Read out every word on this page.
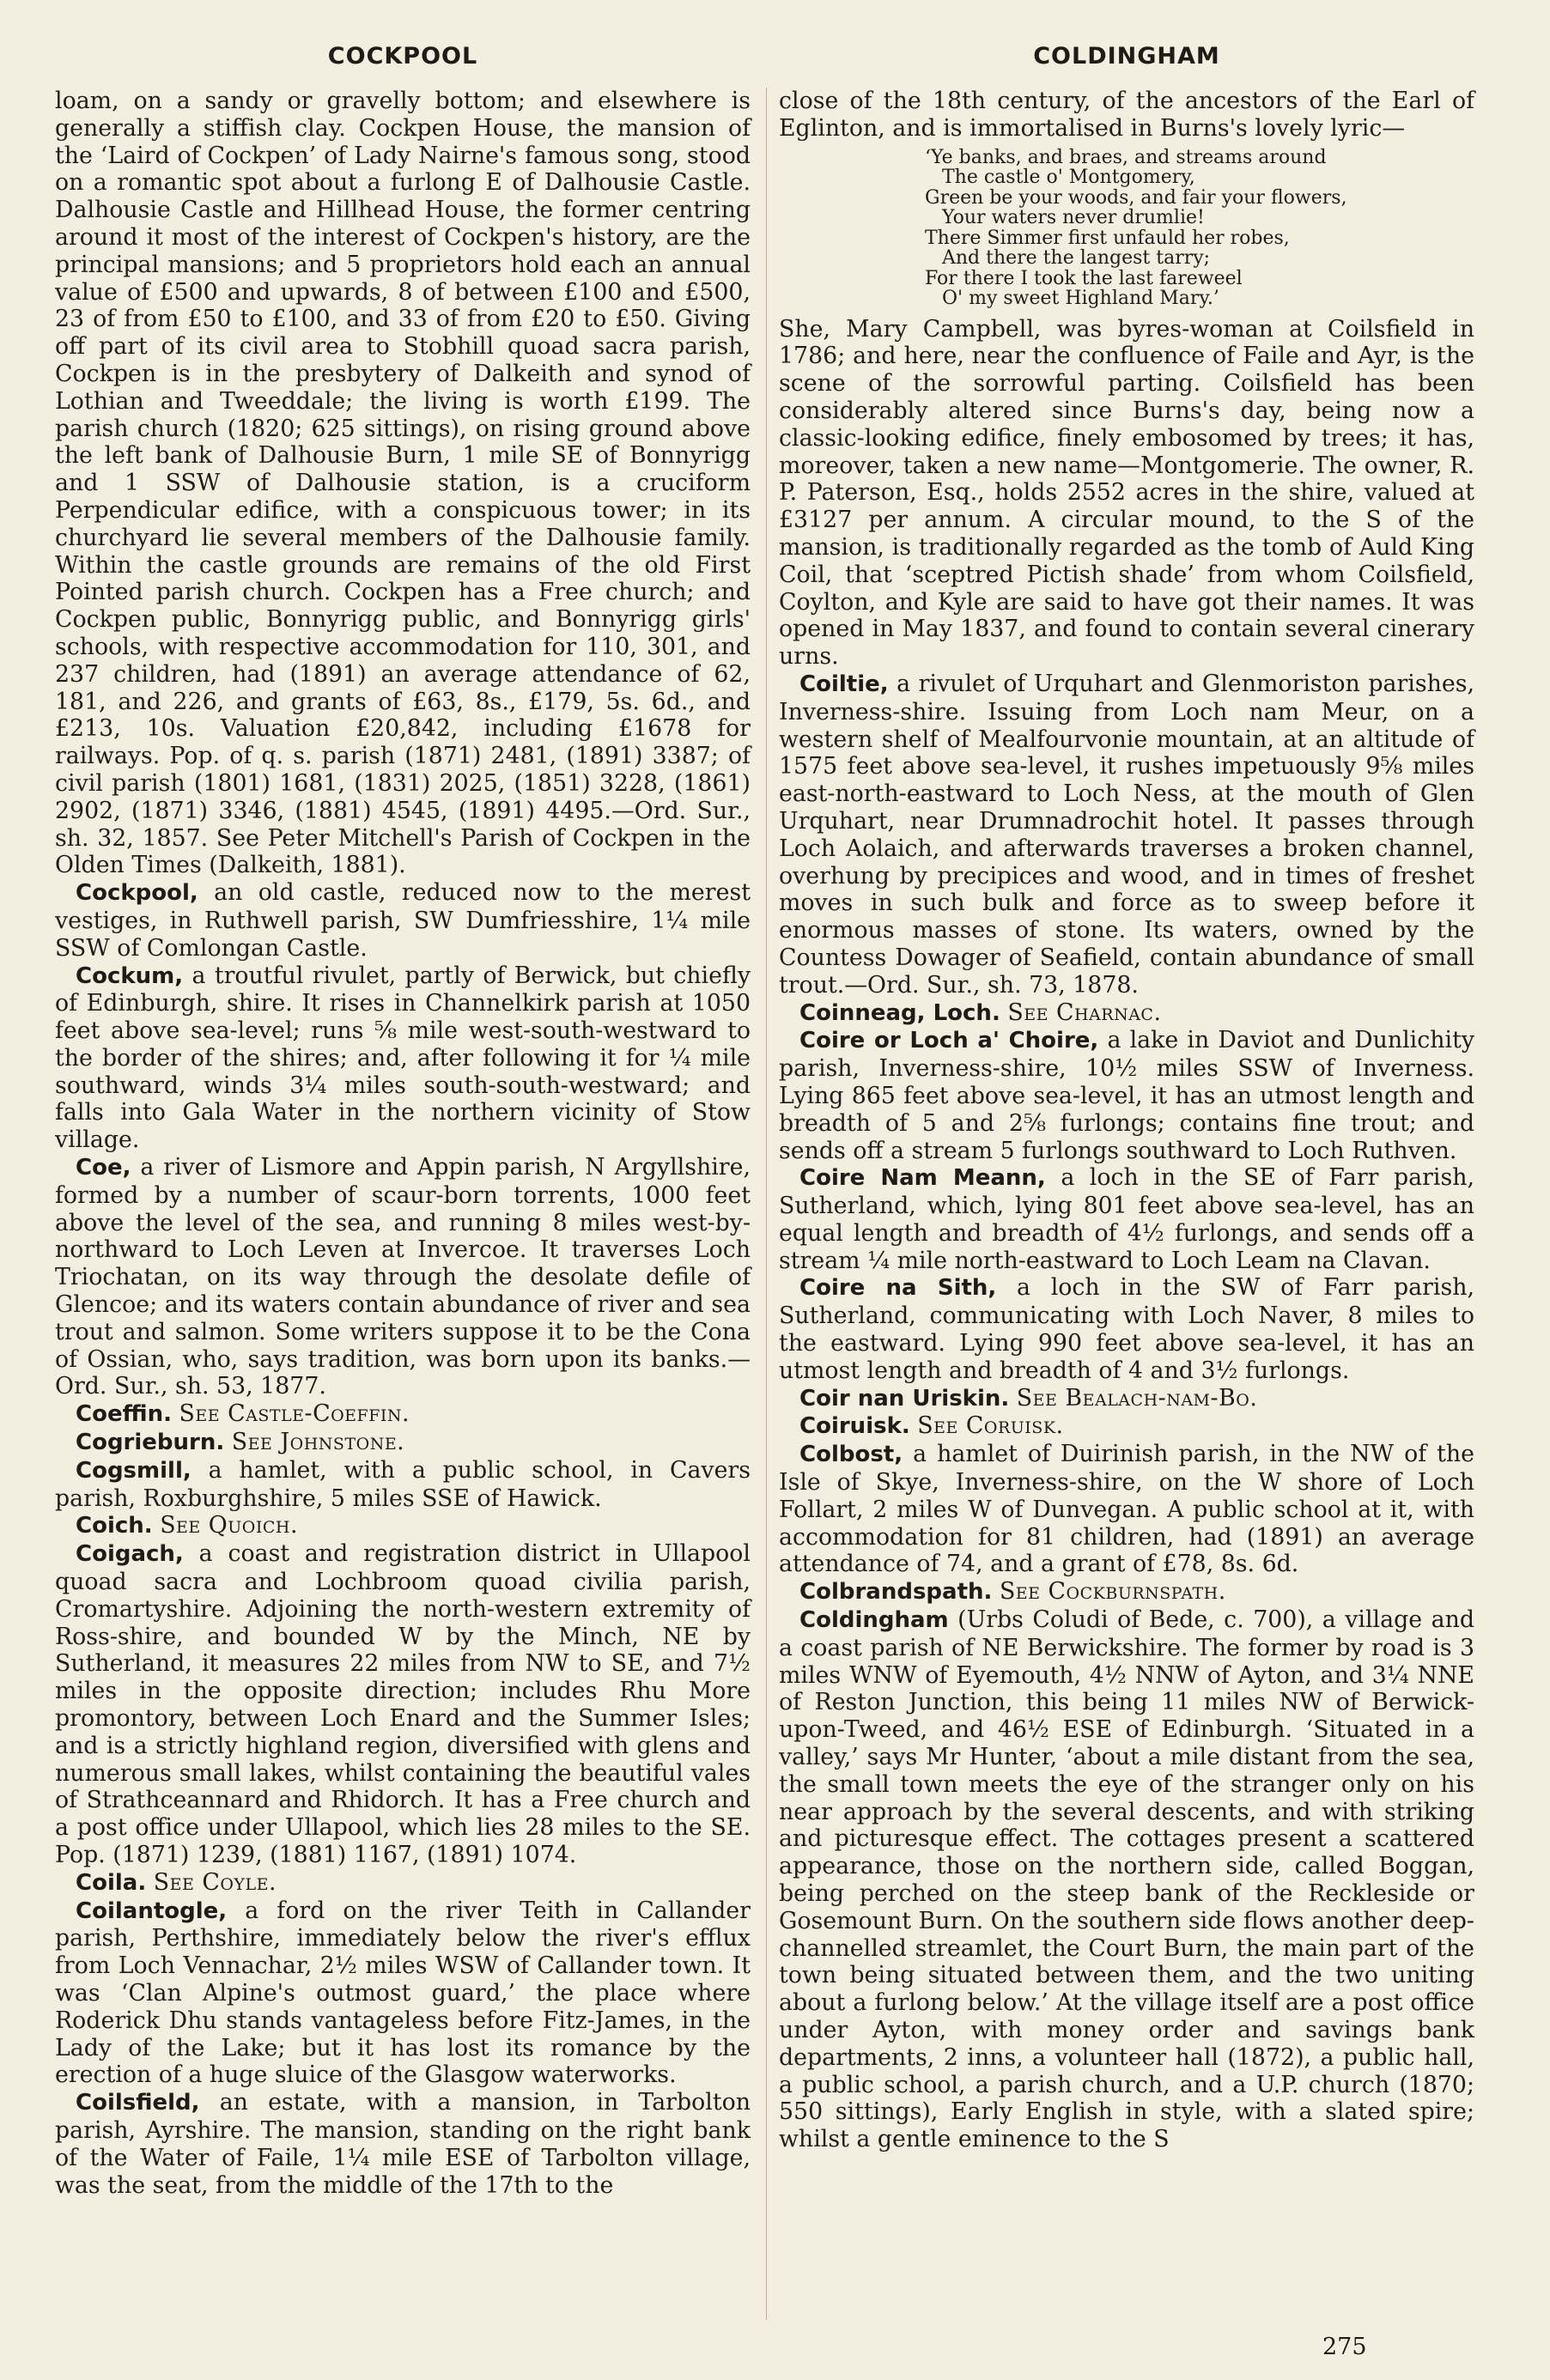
COCKPOOL	COLDINGHAM

loam, on a sandy or gravelly bottom; and elsewhere is generally a stiffish clay. Cockpen House, the mansion of the ‘Laird of Cockpen’ of Lady Nairne's famous song, stood on a romantic spot about a furlong E of Dalhousie Castle. Dalhousie Castle and Hillhead House, the former centring around it most of the interest of Cockpen's history, are the principal mansions; and 5 proprietors hold each an annual value of £500 and upwards, 8 of between £100 and £500, 23 of from £50 to £100, and 33 of from £20 to £50. Giving off part of its civil area to Stobhill quoad sacra parish, Cockpen is in the presbytery of Dalkeith and synod of Lothian and Tweeddale; the living is worth £199. The parish church (1820; 625 sittings), on rising ground above the left bank of Dalhousie Burn, 1 mile SE of Bonnyrigg and 1 SSW of Dalhousie station, is a cruciform Perpendicular edifice, with a conspicuous tower; in its churchyard lie several members of the Dalhousie family. Within the castle grounds are remains of the old First Pointed parish church. Cockpen has a Free church; and Cockpen public, Bonnyrigg public, and Bonnyrigg girls' schools, with respective accommodation for 110, 301, and 237 children, had (1891) an average attendance of 62, 181, and 226, and grants of £63, 8s., £179, 5s. 6d., and £213, 10s. Valuation £20,842, including £1678 for railways. Pop. of q. s. parish (1871) 2481, (1891) 3387; of civil parish (1801) 1681, (1831) 2025, (1851) 3228, (1861) 2902, (1871) 3346, (1881) 4545, (1891) 4495.—Ord. Sur., sh. 32, 1857. See Peter Mitchell's Parish of Cockpen in the Olden Times (Dalkeith, 1881).

Cockpool, an old castle, reduced now to the merest vestiges, in Ruthwell parish, SW Dumfriesshire, 1¼ mile SSW of Comlongan Castle.

Cockum, a troutful rivulet, partly of Berwick, but chiefly of Edinburgh, shire. It rises in Channelkirk parish at 1050 feet above sea-level; runs ⅝ mile west-south-westward to the border of the shires; and, after following it for ¼ mile southward, winds 3¼ miles south-south-westward; and falls into Gala Water in the northern vicinity of Stow village.

Coe, a river of Lismore and Appin parish, N Argyllshire, formed by a number of scaur-born torrents, 1000 feet above the level of the sea, and running 8 miles west-by-northward to Loch Leven at Invercoe. It traverses Loch Triochatan, on its way through the desolate defile of Glencoe; and its waters contain abundance of river and sea trout and salmon. Some writers suppose it to be the Cona of Ossian, who, says tradition, was born upon its banks.—Ord. Sur., sh. 53, 1877.

Coeffin. See Castle-Coeffin.

Cogrieburn. See Johnstone.

Cogsmill, a hamlet, with a public school, in Cavers parish, Roxburghshire, 5 miles SSE of Hawick.

Coich. See Quoich.

Coigach, a coast and registration district in Ullapool quoad sacra and Lochbroom quoad civilia parish, Cromartyshire. Adjoining the north-western extremity of Ross-shire, and bounded W by the Minch, NE by Sutherland, it measures 22 miles from NW to SE, and 7½ miles in the opposite direction; includes Rhu More promontory, between Loch Enard and the Summer Isles; and is a strictly highland region, diversified with glens and numerous small lakes, whilst containing the beautiful vales of Strathceannard and Rhidorch. It has a Free church and a post office under Ullapool, which lies 28 miles to the SE. Pop. (1871) 1239, (1881) 1167, (1891) 1074.

Coila. See Coyle.

Coilantogle, a ford on the river Teith in Callander parish, Perthshire, immediately below the river's efflux from Loch Vennachar, 2½ miles WSW of Callander town. It was ‘Clan Alpine's outmost guard,’ the place where Roderick Dhu stands vantageless before Fitz-James, in the Lady of the Lake; but it has lost its romance by the erection of a huge sluice of the Glasgow waterworks.

Coilsfield, an estate, with a mansion, in Tarbolton parish, Ayrshire. The mansion, standing on the right bank of the Water of Faile, 1¼ mile ESE of Tarbolton village, was the seat, from the middle of the 17th to the

close of the 18th century, of the ancestors of the Earl of Eglinton, and is immortalised in Burns's lovely lyric—

‘Ye banks, and braes, and streams around
The castle o' Montgomery,
Green be your woods, and fair your flowers,
Your waters never drumlie!
There Simmer first unfauld her robes,
And there the langest tarry;
For there I took the last fareweel
O' my sweet Highland Mary.’

She, Mary Campbell, was byres-woman at Coilsfield in 1786; and here, near the confluence of Faile and Ayr, is the scene of the sorrowful parting. Coilsfield has been considerably altered since Burns's day, being now a classic-looking edifice, finely embosomed by trees; it has, moreover, taken a new name—Montgomerie. The owner, R. P. Paterson, Esq., holds 2552 acres in the shire, valued at £3127 per annum. A circular mound, to the S of the mansion, is traditionally regarded as the tomb of Auld King Coil, that ‘sceptred Pictish shade’ from whom Coilsfield, Coylton, and Kyle are said to have got their names. It was opened in May 1837, and found to contain several cinerary urns.

Coiltie, a rivulet of Urquhart and Glenmoriston parishes, Inverness-shire. Issuing from Loch nam Meur, on a western shelf of Mealfourvonie mountain, at an altitude of 1575 feet above sea-level, it rushes impetuously 9⅝ miles east-north-eastward to Loch Ness, at the mouth of Glen Urquhart, near Drumnadrochit hotel. It passes through Loch Aolaich, and afterwards traverses a broken channel, overhung by precipices and wood, and in times of freshet moves in such bulk and force as to sweep before it enormous masses of stone. Its waters, owned by the Countess Dowager of Seafield, contain abundance of small trout.—Ord. Sur., sh. 73, 1878.

Coinneag, Loch. See Charnac.

Coire or Loch a' Choire, a lake in Daviot and Dunlichity parish, Inverness-shire, 10½ miles SSW of Inverness. Lying 865 feet above sea-level, it has an utmost length and breadth of 5 and 2⅝ furlongs; contains fine trout; and sends off a stream 5 furlongs southward to Loch Ruthven.

Coire Nam Meann, a loch in the SE of Farr parish, Sutherland, which, lying 801 feet above sea-level, has an equal length and breadth of 4½ furlongs, and sends off a stream ¼ mile north-eastward to Loch Leam na Clavan.

Coire na Sith, a loch in the SW of Farr parish, Sutherland, communicating with Loch Naver, 8 miles to the eastward. Lying 990 feet above sea-level, it has an utmost length and breadth of 4 and 3½ furlongs.

Coir nan Uriskin. See Bealach-nam-Bo.

Coiruisk. See Coruisk.

Colbost, a hamlet of Duirinish parish, in the NW of the Isle of Skye, Inverness-shire, on the W shore of Loch Follart, 2 miles W of Dunvegan. A public school at it, with accommodation for 81 children, had (1891) an average attendance of 74, and a grant of £78, 8s. 6d.

Colbrandspath. See Cockburnspath.

Coldingham (Urbs Coludi of Bede, c. 700), a village and a coast parish of NE Berwickshire. The former by road is 3 miles WNW of Eyemouth, 4½ NNW of Ayton, and 3¼ NNE of Reston Junction, this being 11 miles NW of Berwick-upon-Tweed, and 46½ ESE of Edinburgh. ‘Situated in a valley,’ says Mr Hunter, ‘about a mile distant from the sea, the small town meets the eye of the stranger only on his near approach by the several descents, and with striking and picturesque effect. The cottages present a scattered appearance, those on the northern side, called Boggan, being perched on the steep bank of the Reckleside or Gosemount Burn. On the southern side flows another deep-channelled streamlet, the Court Burn, the main part of the town being situated between them, and the two uniting about a furlong below.’ At the village itself are a post office under Ayton, with money order and savings bank departments, 2 inns, a volunteer hall (1872), a public hall, a public school, a parish church, and a U.P. church (1870; 550 sittings), Early English in style, with a slated spire; whilst a gentle eminence to the S

275
